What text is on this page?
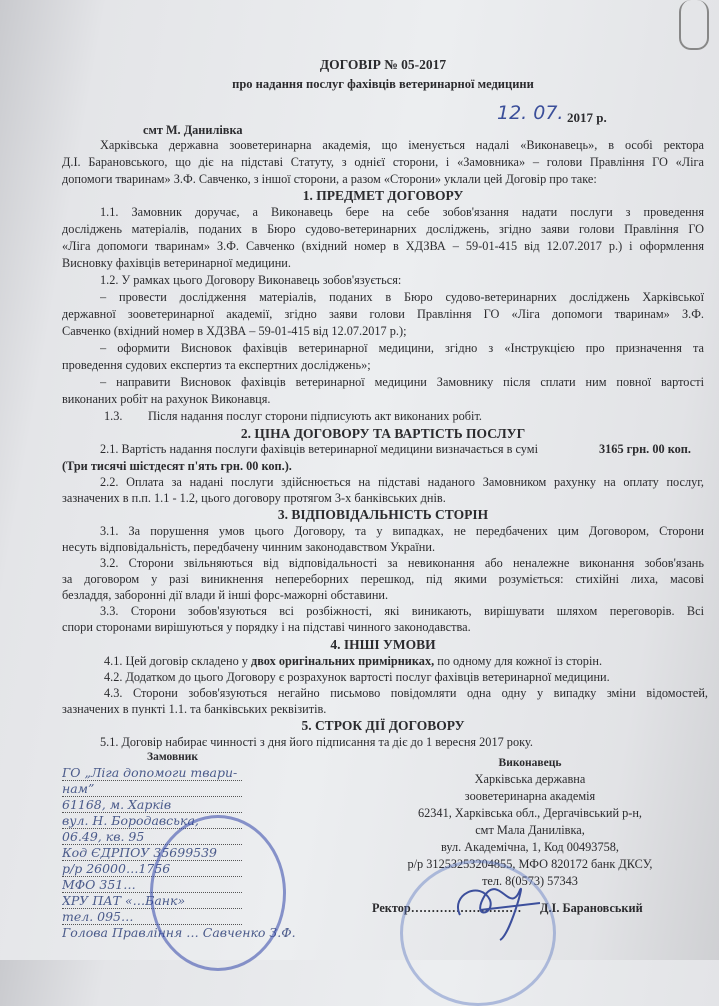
ДОГОВІР № 05-2017
про надання послуг фахівців ветеринарної медицини
12. 07. 2017 р.
смт М. Данилівка
Харківська державна зооветеринарна академія, що іменується надалі «Виконавець», в особі ректора
Д.І. Барановського, що діє на підставі Статуту, з однієї сторони, і «Замовника» – голови Правління ГО «Ліга
допомоги тваринам» З.Ф. Савченко, з іншої сторони, а разом «Сторони» уклали цей Договір про таке:
1. ПРЕДМЕТ ДОГОВОРУ
1.1. Замовник доручає, а Виконавець бере на себе зобов'язання надати послуги з проведення
досліджень матеріалів, поданих в Бюро судово-ветеринарних досліджень, згідно заяви голови Правління ГО
«Ліга допомоги тваринам» З.Ф. Савченко (вхідний номер в ХДЗВА – 59-01-415 від 12.07.2017 р.) і оформлення
Висновку фахівців ветеринарної медицини.
1.2. У рамках цього Договору Виконавець зобов'язується:
– провести дослідження матеріалів, поданих в Бюро судово-ветеринарних досліджень Харківської
державної зооветеринарної академії, згідно заяви голови Правління ГО «Ліга допомоги тваринам» З.Ф.
Савченко (вхідний номер в ХДЗВА – 59-01-415 від 12.07.2017 р.);
– оформити Висновок фахівців ветеринарної медицини, згідно з «Інструкцією про призначення та
проведення судових експертиз та експертних досліджень»;
– направити Висновок фахівців ветеринарної медицини Замовнику після сплати ним повної вартості
виконаних робіт на рахунок Виконавця.
1.3. Після надання послуг сторони підписують акт виконаних робіт.
2. ЦІНА ДОГОВОРУ ТА ВАРТІСТЬ ПОСЛУГ
2.1. Вартість надання послуги фахівців ветеринарної медицини визначається в сумі	3165 грн. 00 коп.
(Три тисячі шістдесят п'ять грн. 00 коп.).
2.2. Оплата за надані послуги здійснюється на підставі наданого Замовником рахунку на оплату послуг,
зазначених в п.п. 1.1 - 1.2, цього договору протягом 3-х банківських днів.
3. ВІДПОВІДАЛЬНІСТЬ СТОРІН
3.1. За порушення умов цього Договору, та у випадках, не передбачених цим Договором, Сторони
несуть відповідальність, передбачену чинним законодавством України.
3.2. Сторони звільняються від відповідальності за невиконання або неналежне виконання зобов'язань
за договором у разі виникнення непереборних перешкод, під якими розуміється: стихійні лиха, масові
безладдя, заборонні дії влади й інші форс-мажорні обставини.
3.3. Сторони зобов'язуються всі розбіжності, які виникають, вирішувати шляхом переговорів. Всі
спори сторонами вирішуються у порядку і на підставі чинного законодавства.
4. ІНШІ УМОВИ
4.1. Цей договір складено у двох оригінальних примірниках, по одному для кожної із сторін.
4.2. Додатком до цього Договору є розрахунок вартості послуг фахівців ветеринарної медицини.
4.3. Сторони зобов'язуються негайно письмово повідомляти одна одну у випадку зміни відомостей,
зазначених в пункті 1.1. та банківських реквізитів.
5. СТРОК ДІЇ ДОГОВОРУ
5.1. Договір набирає чинності з дня його підписання та діє до 1 вересня 2017 року.
Замовник
ГО „Ліга допомоги твари-
нам”
61168, м. Харків
вул. Н. Бородавська,
06.49, кв. 95
Код ЄДРПОУ 35699539
р/р 26000…1756
МФО 351…
ХРУ ПАТ «…Банк»
тел. 095…
Голова Правління … Савченко З.Ф.
Виконавець
Харківська державна
зооветеринарна академія
62341, Харківська обл., Дергачівський р-н,
смт Мала Данилівка,
вул. Академічна, 1, Код 00493758,
р/р 31253253204855, МФО 820172 банк ДКСУ,
тел. 8(0573) 57343
Ректор……………………… Д.І. Барановський
